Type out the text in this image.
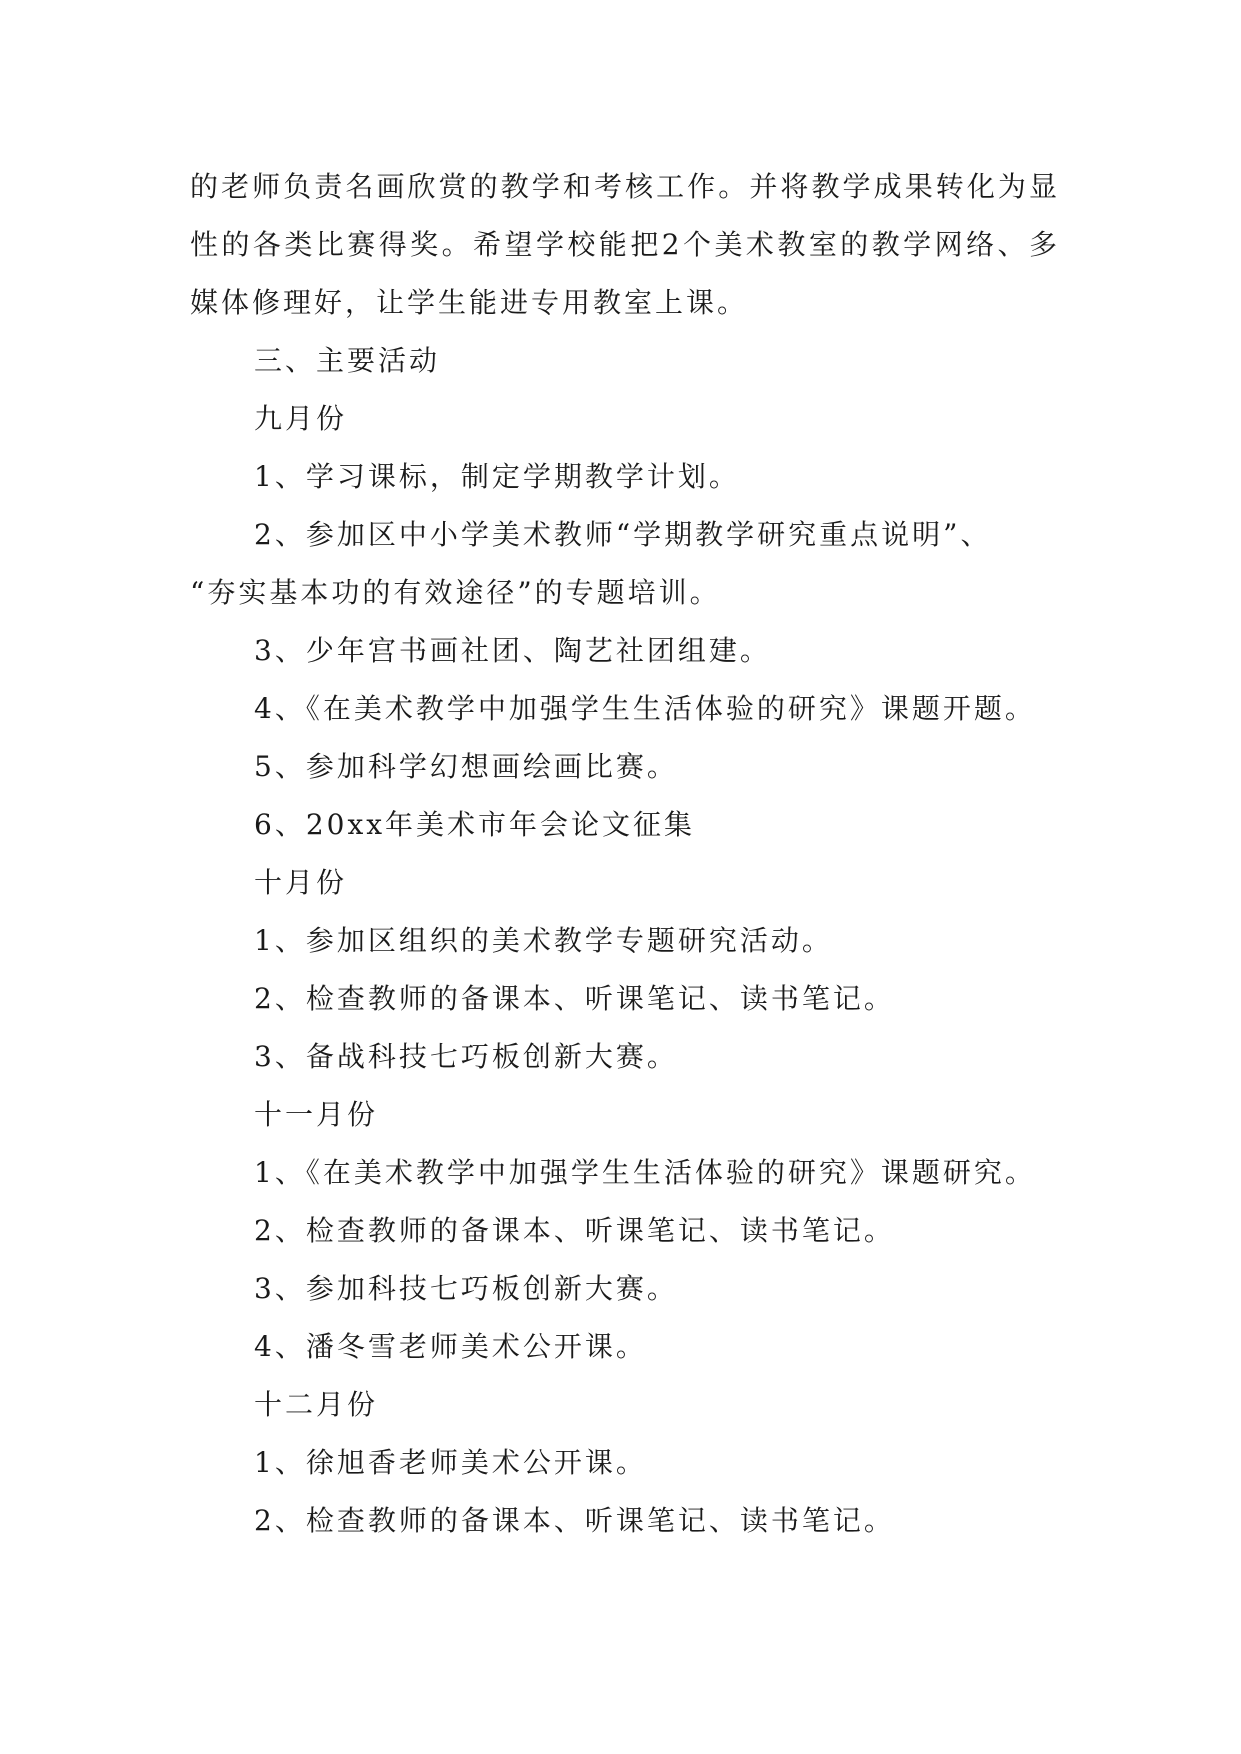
的老师负责名画欣赏的教学和考核工作。并将教学成果转化为显性的各类比赛得奖。希望学校能把2个美术教室的教学网络、多媒体修理好，让学生能进专用教室上课。

三、主要活动

九月份

1、学习课标，制定学期教学计划。

2、参加区中小学美术教师“学期教学研究重点说明”、

“夯实基本功的有效途径”的专题培训。

3、少年宫书画社团、陶艺社团组建。

4、《在美术教学中加强学生生活体验的研究》课题开题。

5、参加科学幻想画绘画比赛。

6、20xx年美术市年会论文征集

十月份

1、参加区组织的美术教学专题研究活动。

2、检查教师的备课本、听课笔记、读书笔记。

3、备战科技七巧板创新大赛。

十一月份

1、《在美术教学中加强学生生活体验的研究》课题研究。

2、检查教师的备课本、听课笔记、读书笔记。

3、参加科技七巧板创新大赛。

4、潘冬雪老师美术公开课。

十二月份

1、徐旭香老师美术公开课。

2、检查教师的备课本、听课笔记、读书笔记。
